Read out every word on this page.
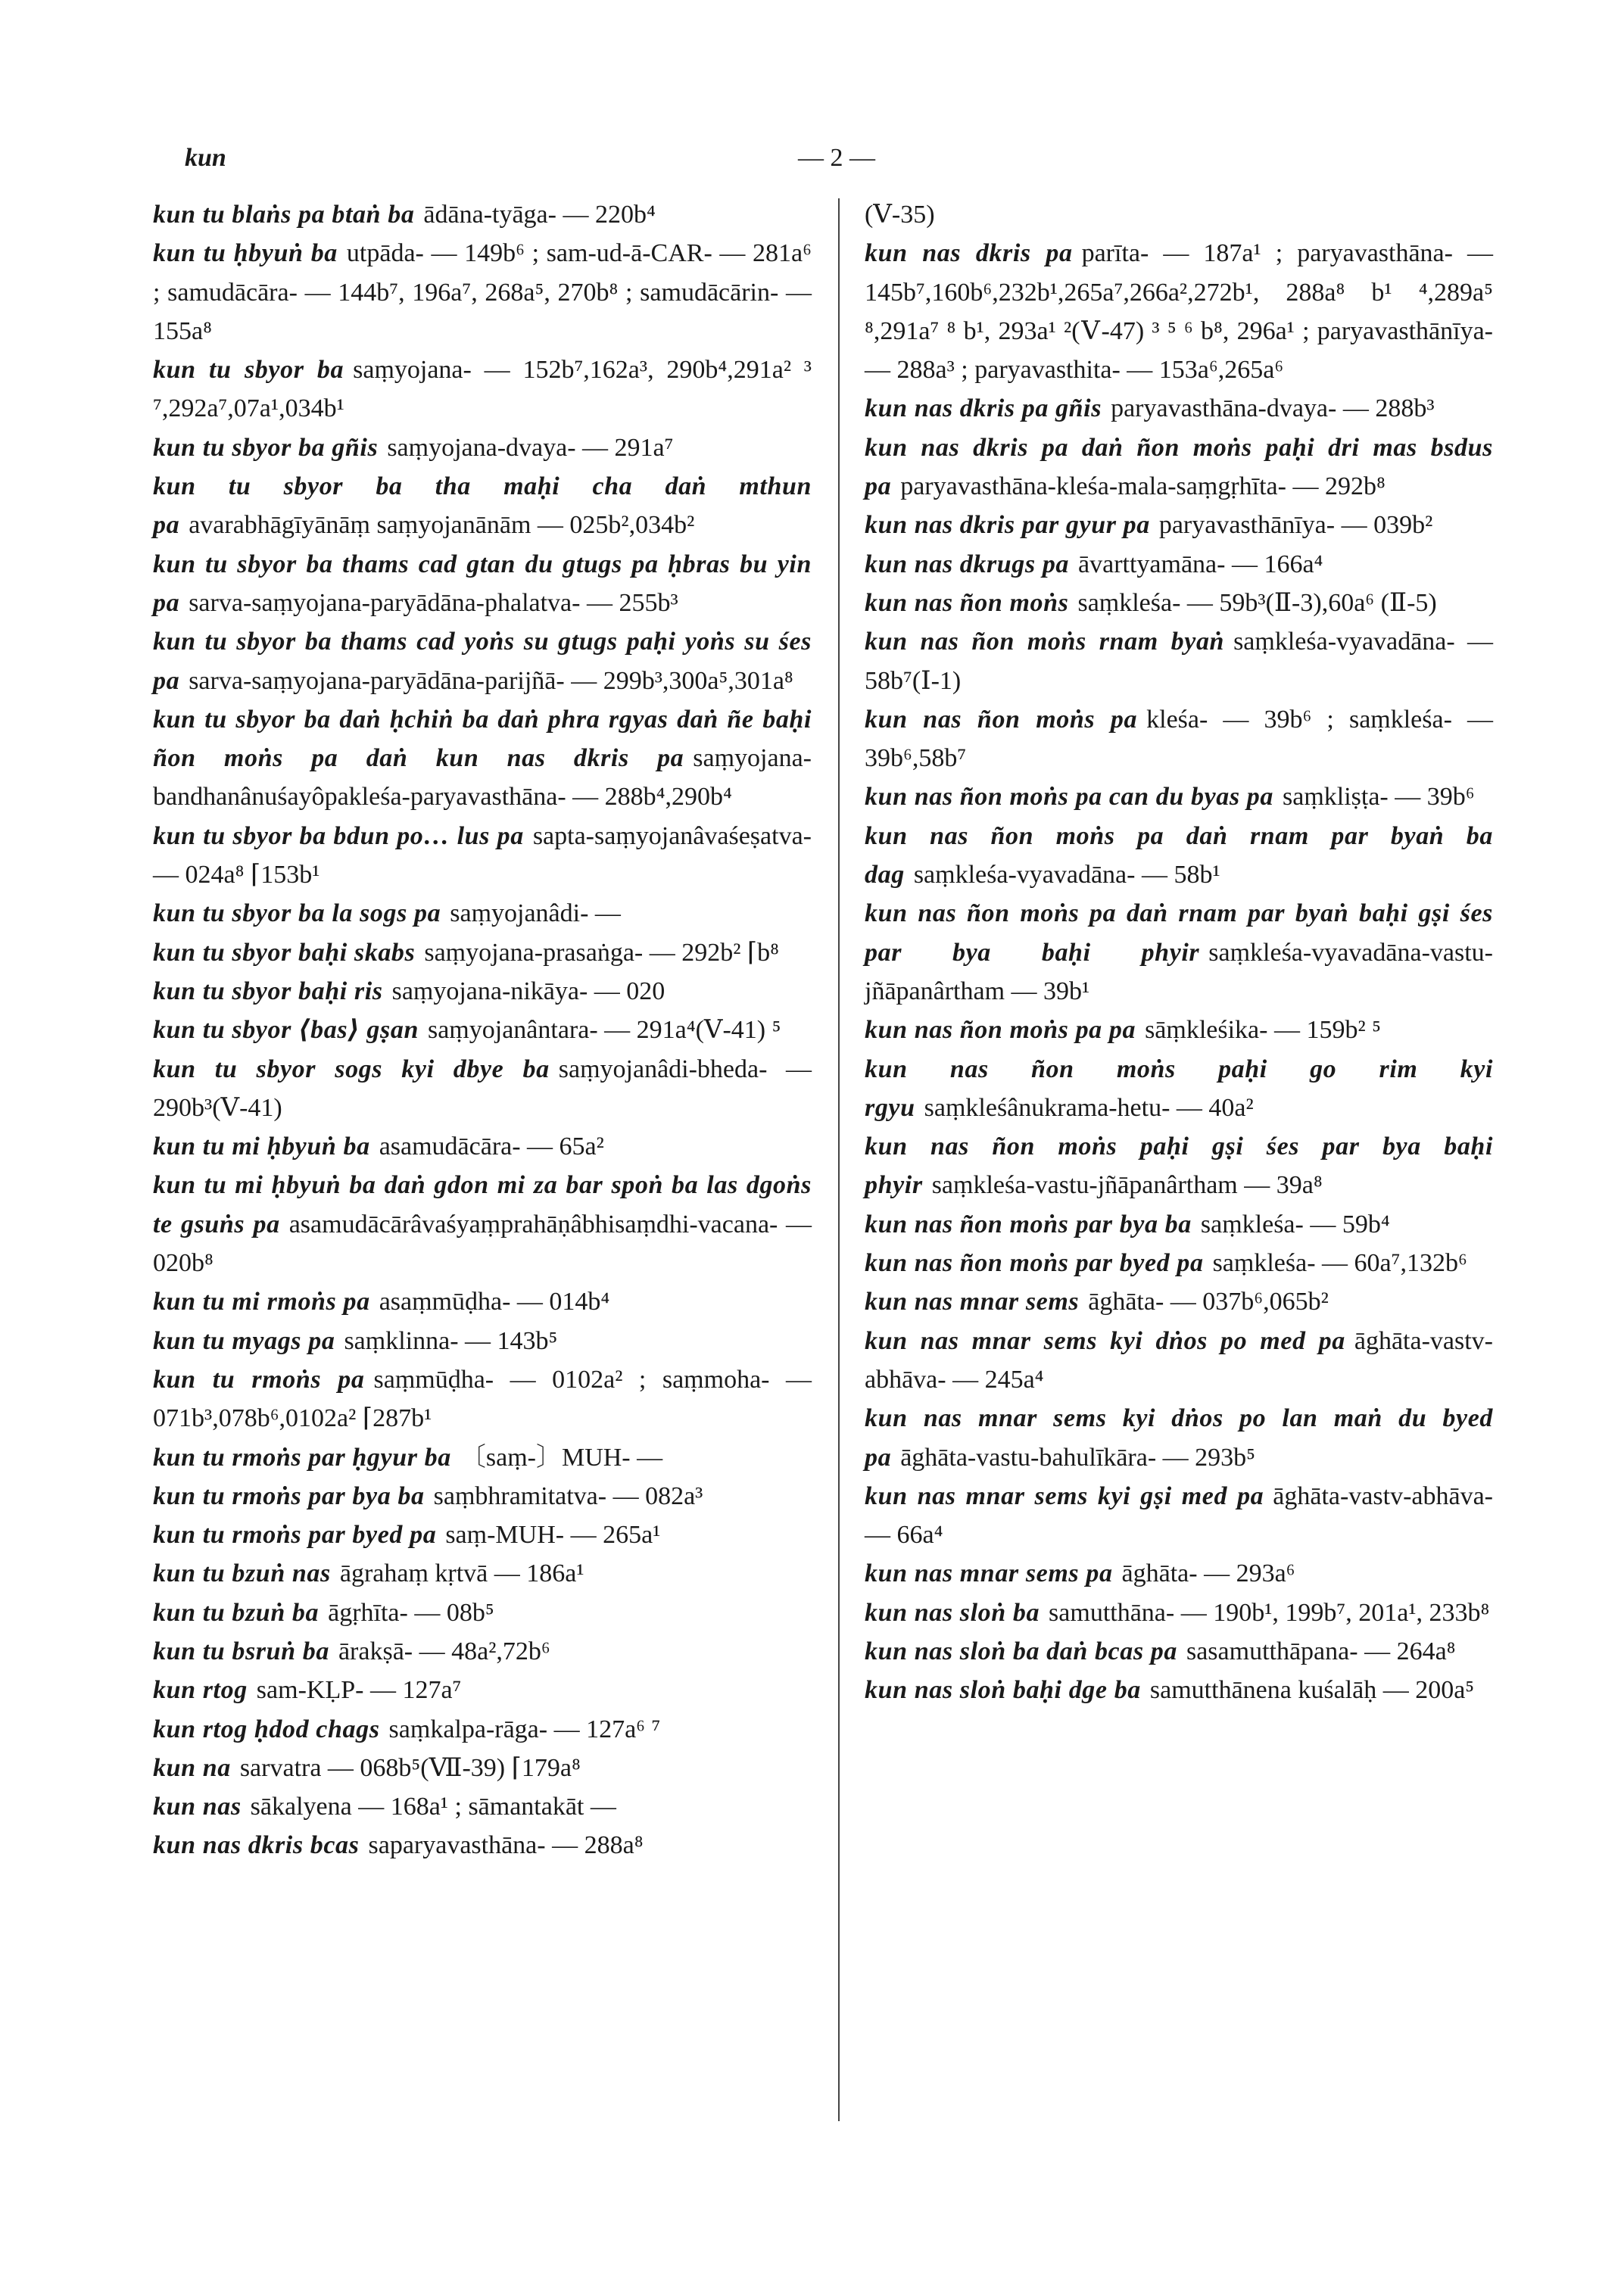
kun	— 2 —

kun tu blaṅs pa btaṅ ba ādāna-tyāga- — 220b⁴

kun tu ḥbyuṅ ba utpāda- — 149b⁶ ; sam-ud-ā-CAR- — 281a⁶ ; samudācāra- — 144b⁷, 196a⁷, 268a⁵, 270b⁸ ; samudācārin- — 155a⁸

kun tu sbyor ba saṃyojana- — 152b⁷,162a³, 290b⁴,291a² ³ ⁷,292a⁷,07a¹,034b¹

kun tu sbyor ba gñis saṃyojana-dvaya- — 291a⁷

kun tu sbyor ba tha maḥi cha daṅ mthun pa avarabhāgīyānāṃ saṃyojanānām — 025b²,034b²

kun tu sbyor ba thams cad gtan du gtugs pa ḥbras bu yin pa sarva-saṃyojana-paryādāna-phalatva- — 255b³

kun tu sbyor ba thams cad yoṅs su gtugs paḥi yoṅs su śes pa sarva-saṃyojana-paryādāna-parijñā- — 299b³,300a⁵,301a⁸

kun tu sbyor ba daṅ ḥchiṅ ba daṅ phra rgyas daṅ ñe baḥi ñon moṅs pa daṅ kun nas dkris pa saṃyojana-bandhanânuśayôpakleśa-paryavasthāna- — 288b⁴,290b⁴

kun tu sbyor ba bdun po… lus pa sapta-saṃyojanâvaśeṣatva- — 024a⁸ ⌈153b¹

kun tu sbyor ba la sogs pa saṃyojanâdi- —

kun tu sbyor baḥi skabs saṃyojana-prasaṅga- — 292b² ⌈b⁸

kun tu sbyor baḥi ris saṃyojana-nikāya- — 020

kun tu sbyor ⟨bas⟩ gṣan saṃyojanântara- — 291a⁴(Ⅴ-41) ⁵

kun tu sbyor sogs kyi dbye ba saṃyojanâdi-bheda- — 290b³(Ⅴ-41)

kun tu mi ḥbyuṅ ba asamudācāra- — 65a²

kun tu mi ḥbyuṅ ba daṅ gdon mi za bar spoṅ ba las dgoṅs te gsuṅs pa asamudācārâvaśyaṃprahāṇâbhisaṃdhi-vacana- — 020b⁸

kun tu mi rmoṅs pa asaṃmūḍha- — 014b⁴

kun tu myags pa saṃklinna- — 143b⁵

kun tu rmoṅs pa saṃmūḍha- — 0102a² ; saṃmoha- — 071b³,078b⁶,0102a² ⌈287b¹

kun tu rmoṅs par ḥgyur ba 〔saṃ-〕MUH- —

kun tu rmoṅs par bya ba saṃbhramitatva- — 082a³

kun tu rmoṅs par byed pa saṃ-MUH- — 265a¹

kun tu bzuṅ nas āgrahaṃ kṛtvā — 186a¹

kun tu bzuṅ ba āgṛhīta- — 08b⁵

kun tu bsruṅ ba ārakṣā- — 48a²,72b⁶

kun rtog sam-KḶP- — 127a⁷

kun rtog ḥdod chags saṃkalpa-rāga- — 127a⁶ ⁷

kun na sarvatra — 068b⁵(Ⅶ-39) ⌈179a⁸

kun nas sākalyena — 168a¹ ; sāmantakāt —

kun nas dkris bcas saparyavasthāna- — 288a⁸

(Ⅴ-35)

kun nas dkris pa parīta- — 187a¹ ; paryavasthāna- — 145b⁷,160b⁶,232b¹,265a⁷,266a²,272b¹, 288a⁸ b¹ ⁴,289a⁵ ⁸,291a⁷ ⁸ b¹, 293a¹ ²(Ⅴ-47) ³ ⁵ ⁶ b⁸, 296a¹ ; paryavasthānīya- — 288a³ ; paryavasthita- — 153a⁶,265a⁶

kun nas dkris pa gñis paryavasthāna-dvaya- — 288b³

kun nas dkris pa daṅ ñon moṅs paḥi dri mas bsdus pa paryavasthāna-kleśa-mala-saṃgṛhīta- — 292b⁸

kun nas dkris par gyur pa paryavasthānīya- — 039b²

kun nas dkrugs pa āvarttyamāna- — 166a⁴

kun nas ñon moṅs saṃkleśa- — 59b³(Ⅱ-3),60a⁶ (Ⅱ-5)

kun nas ñon moṅs rnam byaṅ saṃkleśa-vyavadāna- — 58b⁷(Ⅰ-1)

kun nas ñon moṅs pa kleśa- — 39b⁶ ; saṃkleśa- — 39b⁶,58b⁷

kun nas ñon moṅs pa can du byas pa saṃkliṣṭa- — 39b⁶

kun nas ñon moṅs pa daṅ rnam par byaṅ ba dag saṃkleśa-vyavadāna- — 58b¹

kun nas ñon moṅs pa daṅ rnam par byaṅ baḥi gṣi śes par bya baḥi phyir saṃkleśa-vyavadāna-vastu-jñāpanârtham — 39b¹

kun nas ñon moṅs pa pa sāṃkleśika- — 159b² ⁵

kun nas ñon moṅs paḥi go rim kyi rgyu saṃkleśânukrama-hetu- — 40a²

kun nas ñon moṅs paḥi gṣi śes par bya baḥi phyir saṃkleśa-vastu-jñāpanârtham — 39a⁸

kun nas ñon moṅs par bya ba saṃkleśa- — 59b⁴

kun nas ñon moṅs par byed pa saṃkleśa- — 60a⁷,132b⁶

kun nas mnar sems āghāta- — 037b⁶,065b²

kun nas mnar sems kyi dṅos po med pa āghāta-vastv-abhāva- — 245a⁴

kun nas mnar sems kyi dṅos po lan maṅ du byed pa āghāta-vastu-bahulīkāra- — 293b⁵

kun nas mnar sems kyi gṣi med pa āghāta-vastv-abhāva- — 66a⁴

kun nas mnar sems pa āghāta- — 293a⁶

kun nas sloṅ ba samutthāna- — 190b¹, 199b⁷, 201a¹, 233b⁸

kun nas sloṅ ba daṅ bcas pa sasamutthāpana- — 264a⁸

kun nas sloṅ baḥi dge ba samutthānena kuśalāḥ — 200a⁵
